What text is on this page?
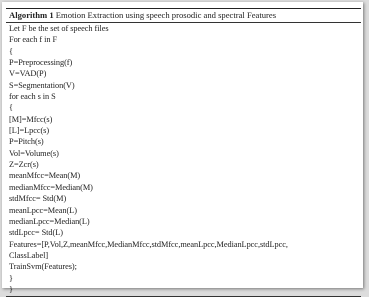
Algorithm 1 Emotion Extraction using speech prosodic and spectral Features
Let F be the set of speech files
For each f in F
{
P=Preprocessing(f)
V=VAD(P)
S=Segmentation(V)
for each s in S
{
[M]=Mfcc(s)
[L]=Lpcc(s)
P=Pitch(s)
Vol=Volume(s)
Z=Zcr(s)
meanMfcc=Mean(M)
medianMfcc=Median(M)
stdMfcc= Std(M)
meanLpcc=Mean(L)
medianLpcc=Median(L)
stdLpcc= Std(L)
Features=[P,Vol,Z,meanMfcc,MedianMfcc,stdMfcc,meanLpcc,MedianLpcc,stdLpcc,
ClassLabel]
TrainSvm(Features);
}
}
